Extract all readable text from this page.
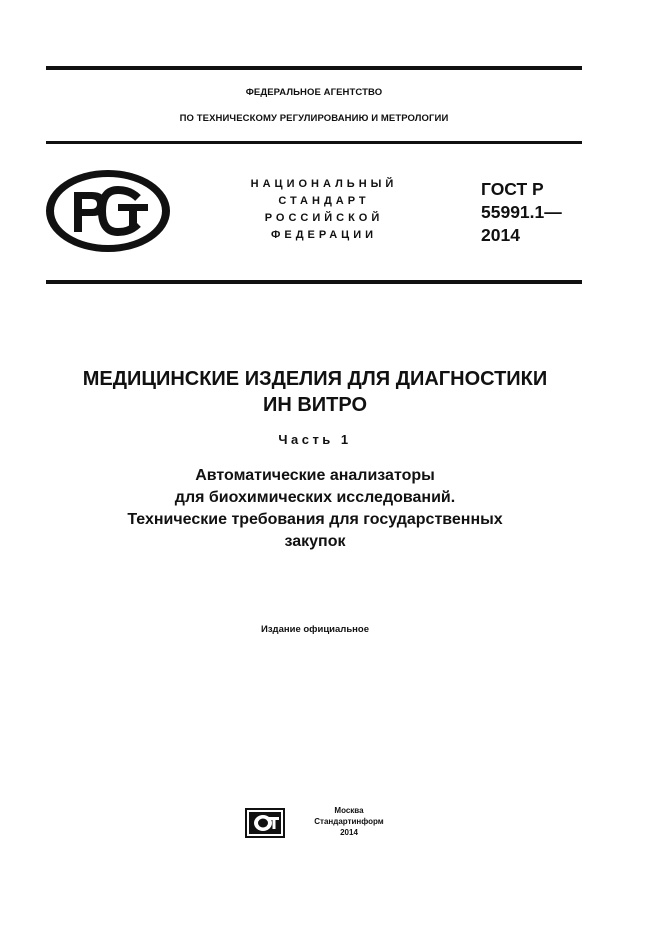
ФЕДЕРАЛЬНОЕ АГЕНТСТВО
ПО ТЕХНИЧЕСКОМУ РЕГУЛИРОВАНИЮ И МЕТРОЛОГИИ
НАЦИОНАЛЬНЫЙ
СТАНДАРТ
РОССИЙСКОЙ
ФЕДЕРАЦИИ
ГОСТ Р
55991.1—
2014
МЕДИЦИНСКИЕ ИЗДЕЛИЯ ДЛЯ ДИАГНОСТИКИ
ИН ВИТРО
Часть 1
Автоматические анализаторы
для биохимических исследований.
Технические требования для государственных
закупок
Издание официальное
Москва
Стандартинформ
2014
